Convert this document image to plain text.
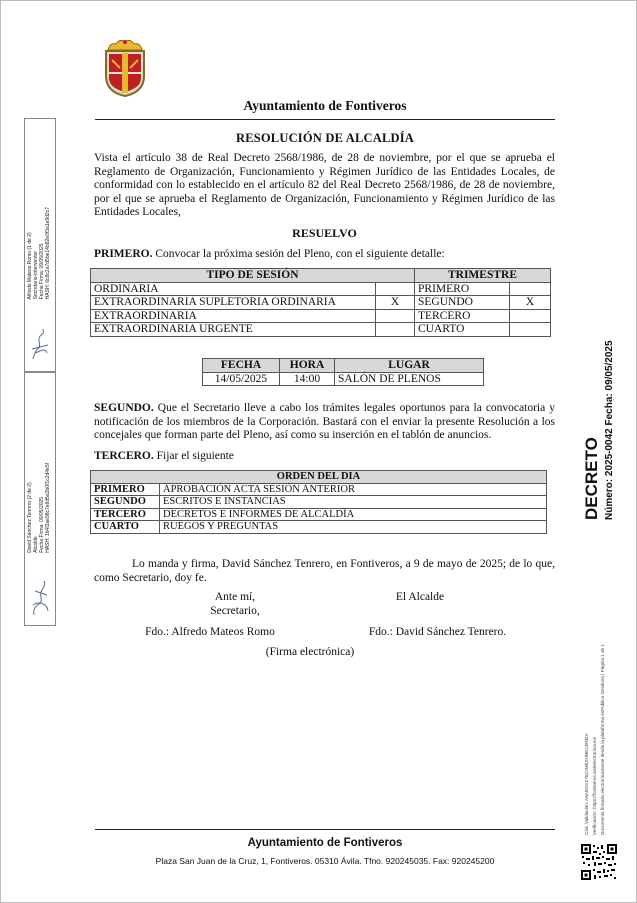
Alfredo Mateos Romo (1 de 2) Secretario-Interventor Fecha Firma: 09/05/2025 HASH: 6c8c2a7d5be14b92e0f3a1e9d2c7
David Sánchez Tenrero (2 de 2) Alcalde Fecha Firma: 09/05/2025 HASH: 1b4f2ae98c7e6d5a3b0f1c2d4e5f	DECRETO Número: 2025-0042 Fecha: 09/05/2025
Cód. Validación: A6AEGAZ76Z2MEZHNE2J9NZV Verificación: https://fontiveros.sedelectronica.es/ Documento firmado electrónicamente desde la plataforma esPublico Gestiona | Página 1 de 1
Ayuntamiento de Fontiveros
RESOLUCIÓN DE ALCALDÍA
Vista el artículo 38 de Real Decreto 2568/1986, de 28 de noviembre, por el que se aprueba el Reglamento de Organización, Funcionamiento y Régimen Jurídico de las Entidades Locales, de conformidad con lo establecido en el artículo 82 del Real Decreto 2568/1986, de 28 de noviembre, por el que se aprueba el Reglamento de Organización, Funcionamiento y Régimen Jurídico de las Entidades Locales,
RESUELVO
PRIMERO. Convocar la próxima sesión del Pleno, con el siguiente detalle:
TIPO DE SESIÓN		TRIMESTRE	
ORDINARIA		PRIMERO	
EXTRAORDINARIA SUPLETORIA ORDINARIA	X	SEGUNDO	X
EXTRAORDINARIA		TERCERO	
EXTRAORDINARIA URGENTE		CUARTO	
FECHA	HORA	LUGAR
14/05/2025	14:00	SALÓN DE PLENOS
SEGUNDO. Que el Secretario lleve a cabo los trámites legales oportunos para la convocatoria y notificación de los miembros de la Corporación. Bastará con el enviar la presente Resolución a los concejales que forman parte del Pleno, así como su inserción en el tablón de anuncios.
TERCERO. Fijar el siguiente
ORDEN DEL DIA	
PRIMERO	APROBACIÓN ACTA SESIÓN ANTERIOR
SEGUNDO	ESCRITOS E INSTANCIAS
TERCERO	DECRETOS E INFORMES DE ALCALDÍA
CUARTO	RUEGOS Y PREGUNTAS
Lo manda y firma, David Sánchez Tenrero, en Fontiveros, a 9 de mayo de 2025; de lo que, como Secretario, doy fe.
Ante mí,
Secretario,
El Alcalde
Fdo.: Alfredo Mateos Romo	Fdo.: David Sánchez Tenrero.
(Firma electrónica)
Ayuntamiento de Fontiveros
Plaza San Juan de la Cruz, 1, Fontiveros. 05310 Ávila. Tfno. 920245035. Fax: 920245200
